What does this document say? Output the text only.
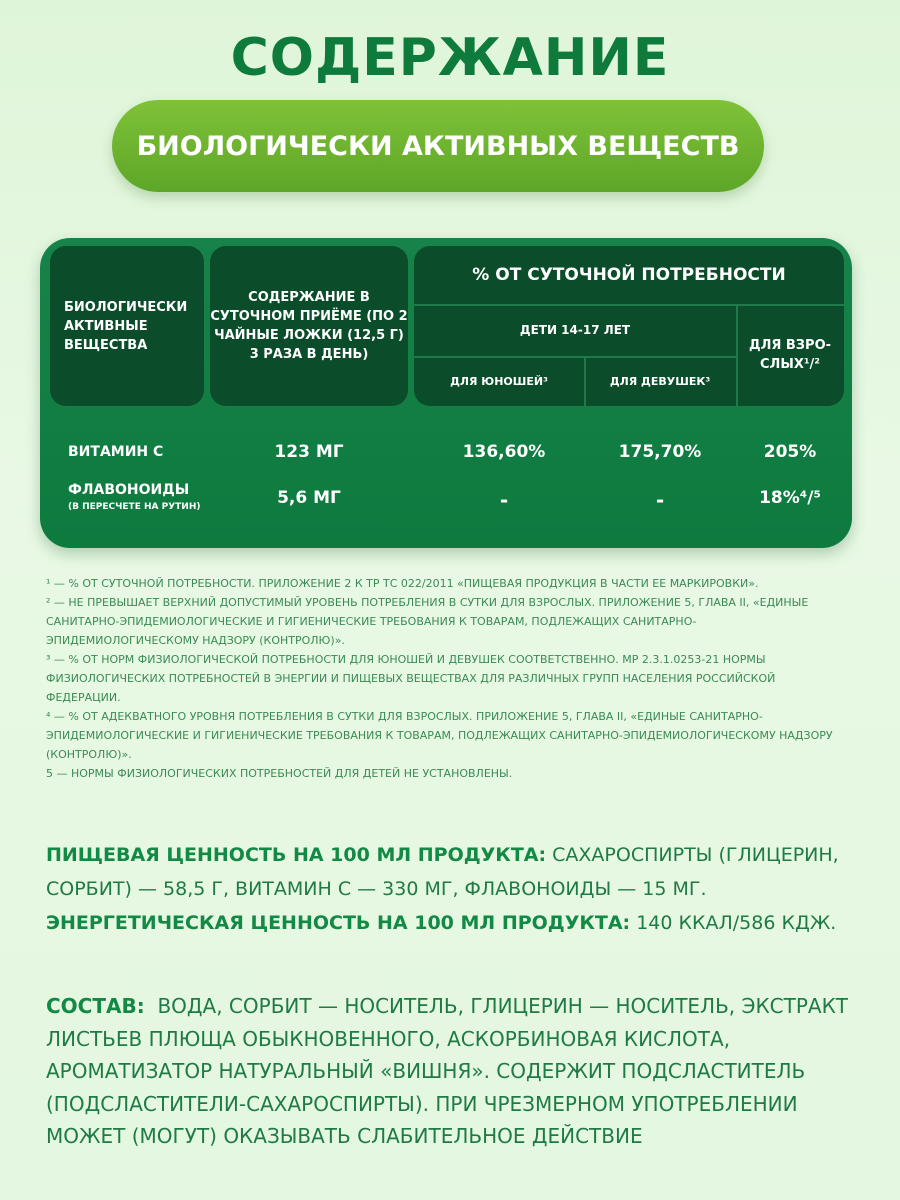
СОДЕРЖАНИЕ
БИОЛОГИЧЕСКИ АКТИВНЫХ ВЕЩЕСТВ
БИОЛОГИЧЕСКИ АКТИВНЫЕ ВЕЩЕСТВА
СОДЕРЖАНИЕ В СУТОЧНОМ ПРИЁМЕ (ПО 2 ЧАЙНЫЕ ЛОЖКИ (12,5 Г) 3 РАЗА В ДЕНЬ)
% ОТ СУТОЧНОЙ ПОТРЕБНОСТИ
ДЕТИ 14-17 ЛЕТ
ДЛЯ ЮНОШЕЙ³	ДЛЯ ДЕВУШЕК³
ДЛЯ ВЗРО-СЛЫХ¹/²
ВИТАМИН С	123 МГ	136,60%	175,70%	205%
ФЛАВОНОИДЫ
(В ПЕРЕСЧЕТЕ НА РУТИН)	5,6 МГ	-	-	18%⁴/⁵

¹ — % ОТ СУТОЧНОЙ ПОТРЕБНОСТИ. ПРИЛОЖЕНИЕ 2 К ТР ТС 022/2011 «ПИЩЕВАЯ ПРОДУКЦИЯ В ЧАСТИ ЕЕ МАРКИРОВКИ».

² — НЕ ПРЕВЫШАЕТ ВЕРХНИЙ ДОПУСТИМЫЙ УРОВЕНЬ ПОТРЕБЛЕНИЯ В СУТКИ ДЛЯ ВЗРОСЛЫХ. ПРИЛОЖЕНИЕ 5, ГЛАВА II, «ЕДИНЫЕ САНИТАРНО-ЭПИДЕМИОЛОГИЧЕСКИЕ И ГИГИЕНИЧЕСКИЕ ТРЕБОВАНИЯ К ТОВАРАМ, ПОДЛЕЖАЩИХ САНИТАРНО-ЭПИДЕМИОЛОГИЧЕСКОМУ НАДЗОРУ (КОНТРОЛЮ)».

³ — % ОТ НОРМ ФИЗИОЛОГИЧЕСКОЙ ПОТРЕБНОСТИ ДЛЯ ЮНОШЕЙ И ДЕВУШЕК СООТВЕТСТВЕННО. МР 2.3.1.0253-21 НОРМЫ ФИЗИОЛОГИЧЕСКИХ ПОТРЕБНОСТЕЙ В ЭНЕРГИИ И ПИЩЕВЫХ ВЕЩЕСТВАХ ДЛЯ РАЗЛИЧНЫХ ГРУПП НАСЕЛЕНИЯ РОССИЙСКОЙ ФЕДЕРАЦИИ.

⁴ — % ОТ АДЕКВАТНОГО УРОВНЯ ПОТРЕБЛЕНИЯ В СУТКИ ДЛЯ ВЗРОСЛЫХ. ПРИЛОЖЕНИЕ 5, ГЛАВА II, «ЕДИНЫЕ САНИТАРНО-ЭПИДЕМИОЛОГИЧЕСКИЕ И ГИГИЕНИЧЕСКИЕ ТРЕБОВАНИЯ К ТОВАРАМ, ПОДЛЕЖАЩИХ САНИТАРНО-ЭПИДЕМИОЛОГИЧЕСКОМУ НАДЗОРУ (КОНТРОЛЮ)».

5 — НОРМЫ ФИЗИОЛОГИЧЕСКИХ ПОТРЕБНОСТЕЙ ДЛЯ ДЕТЕЙ НЕ УСТАНОВЛЕНЫ.

ПИЩЕВАЯ ЦЕННОСТЬ НА 100 МЛ ПРОДУКТА: САХАРОСПИРТЫ (ГЛИЦЕРИН, СОРБИТ) — 58,5 Г, ВИТАМИН С — 330 МГ, ФЛАВОНОИДЫ — 15 МГ.

ЭНЕРГЕТИЧЕСКАЯ ЦЕННОСТЬ НА 100 МЛ ПРОДУКТА: 140 ККАЛ/586 КДЖ.

СОСТАВ:  ВОДА, СОРБИТ — НОСИТЕЛЬ, ГЛИЦЕРИН — НОСИТЕЛЬ, ЭКСТРАКТ ЛИСТЬЕВ ПЛЮЩА ОБЫКНОВЕННОГО, АСКОРБИНОВАЯ КИСЛОТА, АРОМАТИЗАТОР НАТУРАЛЬНЫЙ «ВИШНЯ». СОДЕРЖИТ ПОДСЛАСТИТЕЛЬ (ПОДСЛАСТИТЕЛИ-САХАРОСПИРТЫ). ПРИ ЧРЕЗМЕРНОМ УПОТРЕБЛЕНИИ МОЖЕТ (МОГУТ) ОКАЗЫВАТЬ СЛАБИТЕЛЬНОЕ ДЕЙСТВИЕ
